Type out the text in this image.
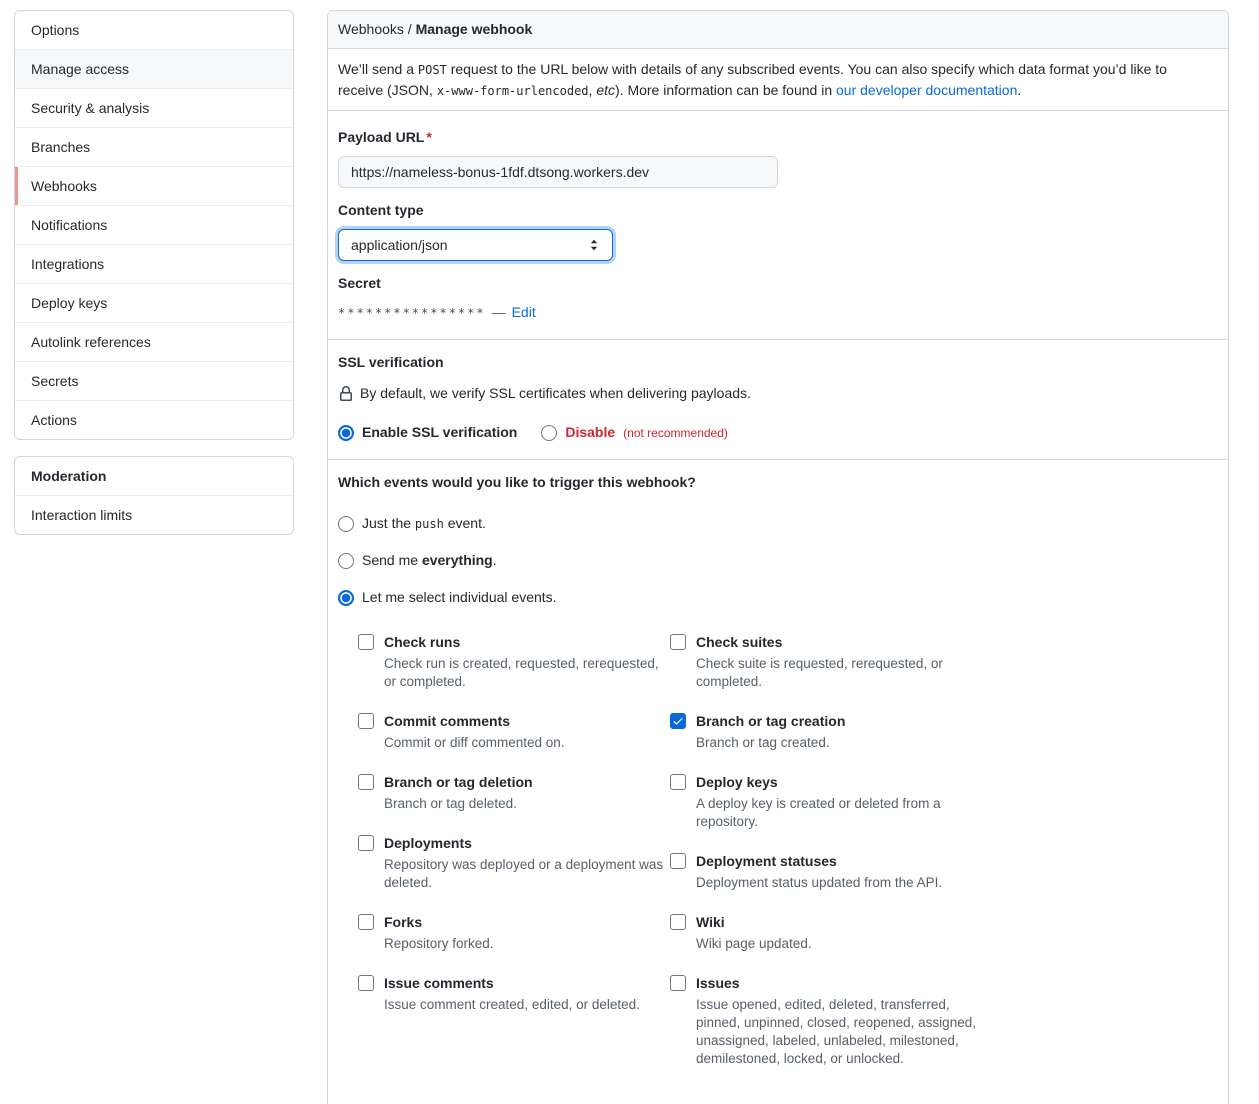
Options
Manage access
Security & analysis
Branches
Webhooks
Notifications
Integrations
Deploy keys
Autolink references
Secrets
Actions
Moderation
Interaction limits
Webhooks / Manage webhook

We’ll send a POST request to the URL below with details of any subscribed events. You can also specify which data format you’d like to receive (JSON, x-www-form-urlencoded, etc). More information can be found in our developer documentation.

Payload URL *
https://nameless-bonus-1fdf.dtsong.workers.dev
Content type
application/json
Secret
**************** — Edit

SSL verification

By default, we verify SSL certificates when delivering payloads.
Enable SSL verification	Disable (not recommended)

Which events would you like to trigger this webhook?

Just the push event.
Send me everything.
Let me select individual events.
Check runs
Check run is created, requested, rerequested, or completed.
Commit comments
Commit or diff commented on.
Branch or tag deletion
Branch or tag deleted.
Deployments
Repository was deployed or a deployment was deleted.
Forks
Repository forked.
Issue comments
Issue comment created, edited, or deleted.
Check suites
Check suite is requested, rerequested, or completed.
Branch or tag creation
Branch or tag created.
Deploy keys
A deploy key is created or deleted from a repository.
Deployment statuses
Deployment status updated from the API.
Wiki
Wiki page updated.
Issues
Issue opened, edited, deleted, transferred, pinned, unpinned, closed, reopened, assigned, unassigned, labeled, unlabeled, milestoned, demilestoned, locked, or unlocked.
